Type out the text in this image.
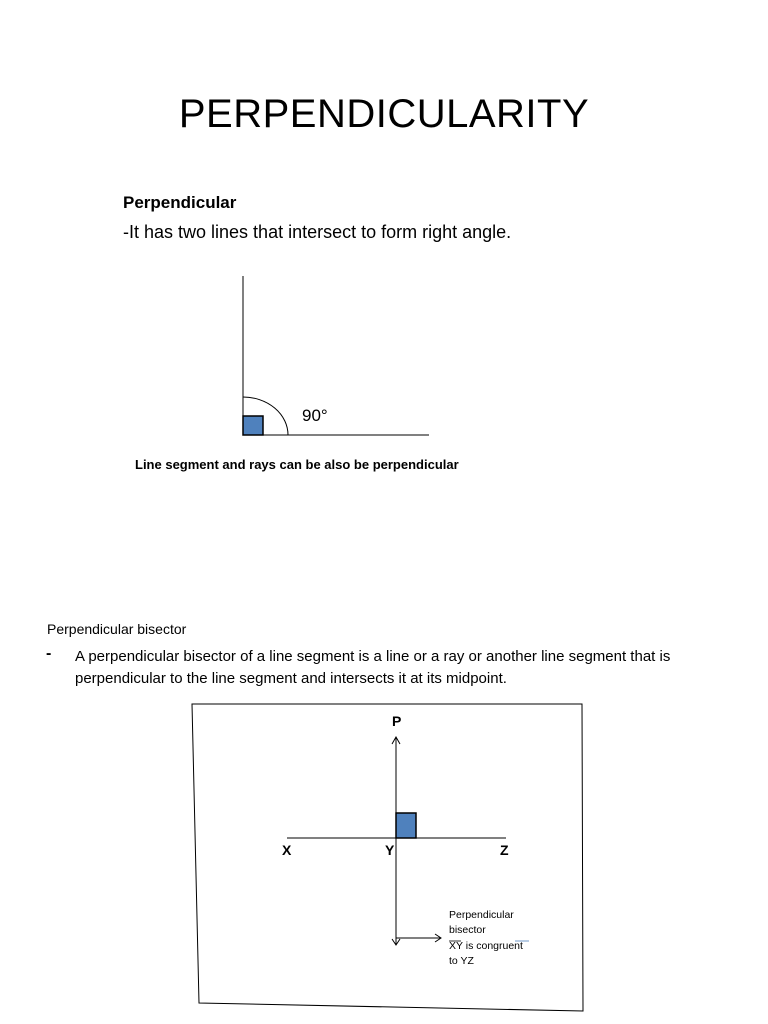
PERPENDICULARITY
Perpendicular
-It has two lines that intersect to form right angle.
90°
P
X	Y	Z
Perpendicular
bisector
XY is congruent
to YZ
Line segment and rays can be also be perpendicular
Perpendicular bisector
- A perpendicular bisector of a line segment is a line or a ray or another line segment that is perpendicular to the line segment and intersects it at its midpoint.
